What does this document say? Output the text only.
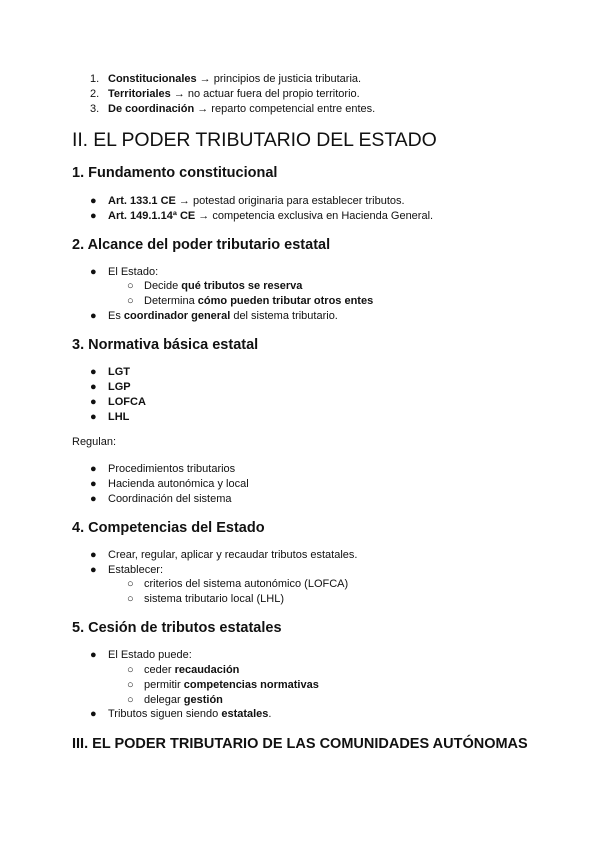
1. Constitucionales → principios de justicia tributaria.
2. Territoriales → no actuar fuera del propio territorio.
3. De coordinación → reparto competencial entre entes.
II. EL PODER TRIBUTARIO DEL ESTADO
1. Fundamento constitucional
● Art. 133.1 CE → potestad originaria para establecer tributos.
● Art. 149.1.14ª CE → competencia exclusiva en Hacienda General.
2. Alcance del poder tributario estatal
● El Estado:
○ Decide qué tributos se reserva
○ Determina cómo pueden tributar otros entes
● Es coordinador general del sistema tributario.
3. Normativa básica estatal
● LGT
● LGP
● LOFCA
● LHL
Regulan:
● Procedimientos tributarios
● Hacienda autonómica y local
● Coordinación del sistema
4. Competencias del Estado
● Crear, regular, aplicar y recaudar tributos estatales.
● Establecer:
○ criterios del sistema autonómico (LOFCA)
○ sistema tributario local (LHL)
5. Cesión de tributos estatales
● El Estado puede:
○ ceder recaudación
○ permitir competencias normativas
○ delegar gestión
● Tributos siguen siendo estatales.
III. EL PODER TRIBUTARIO DE LAS COMUNIDADES AUTÓNOMAS
